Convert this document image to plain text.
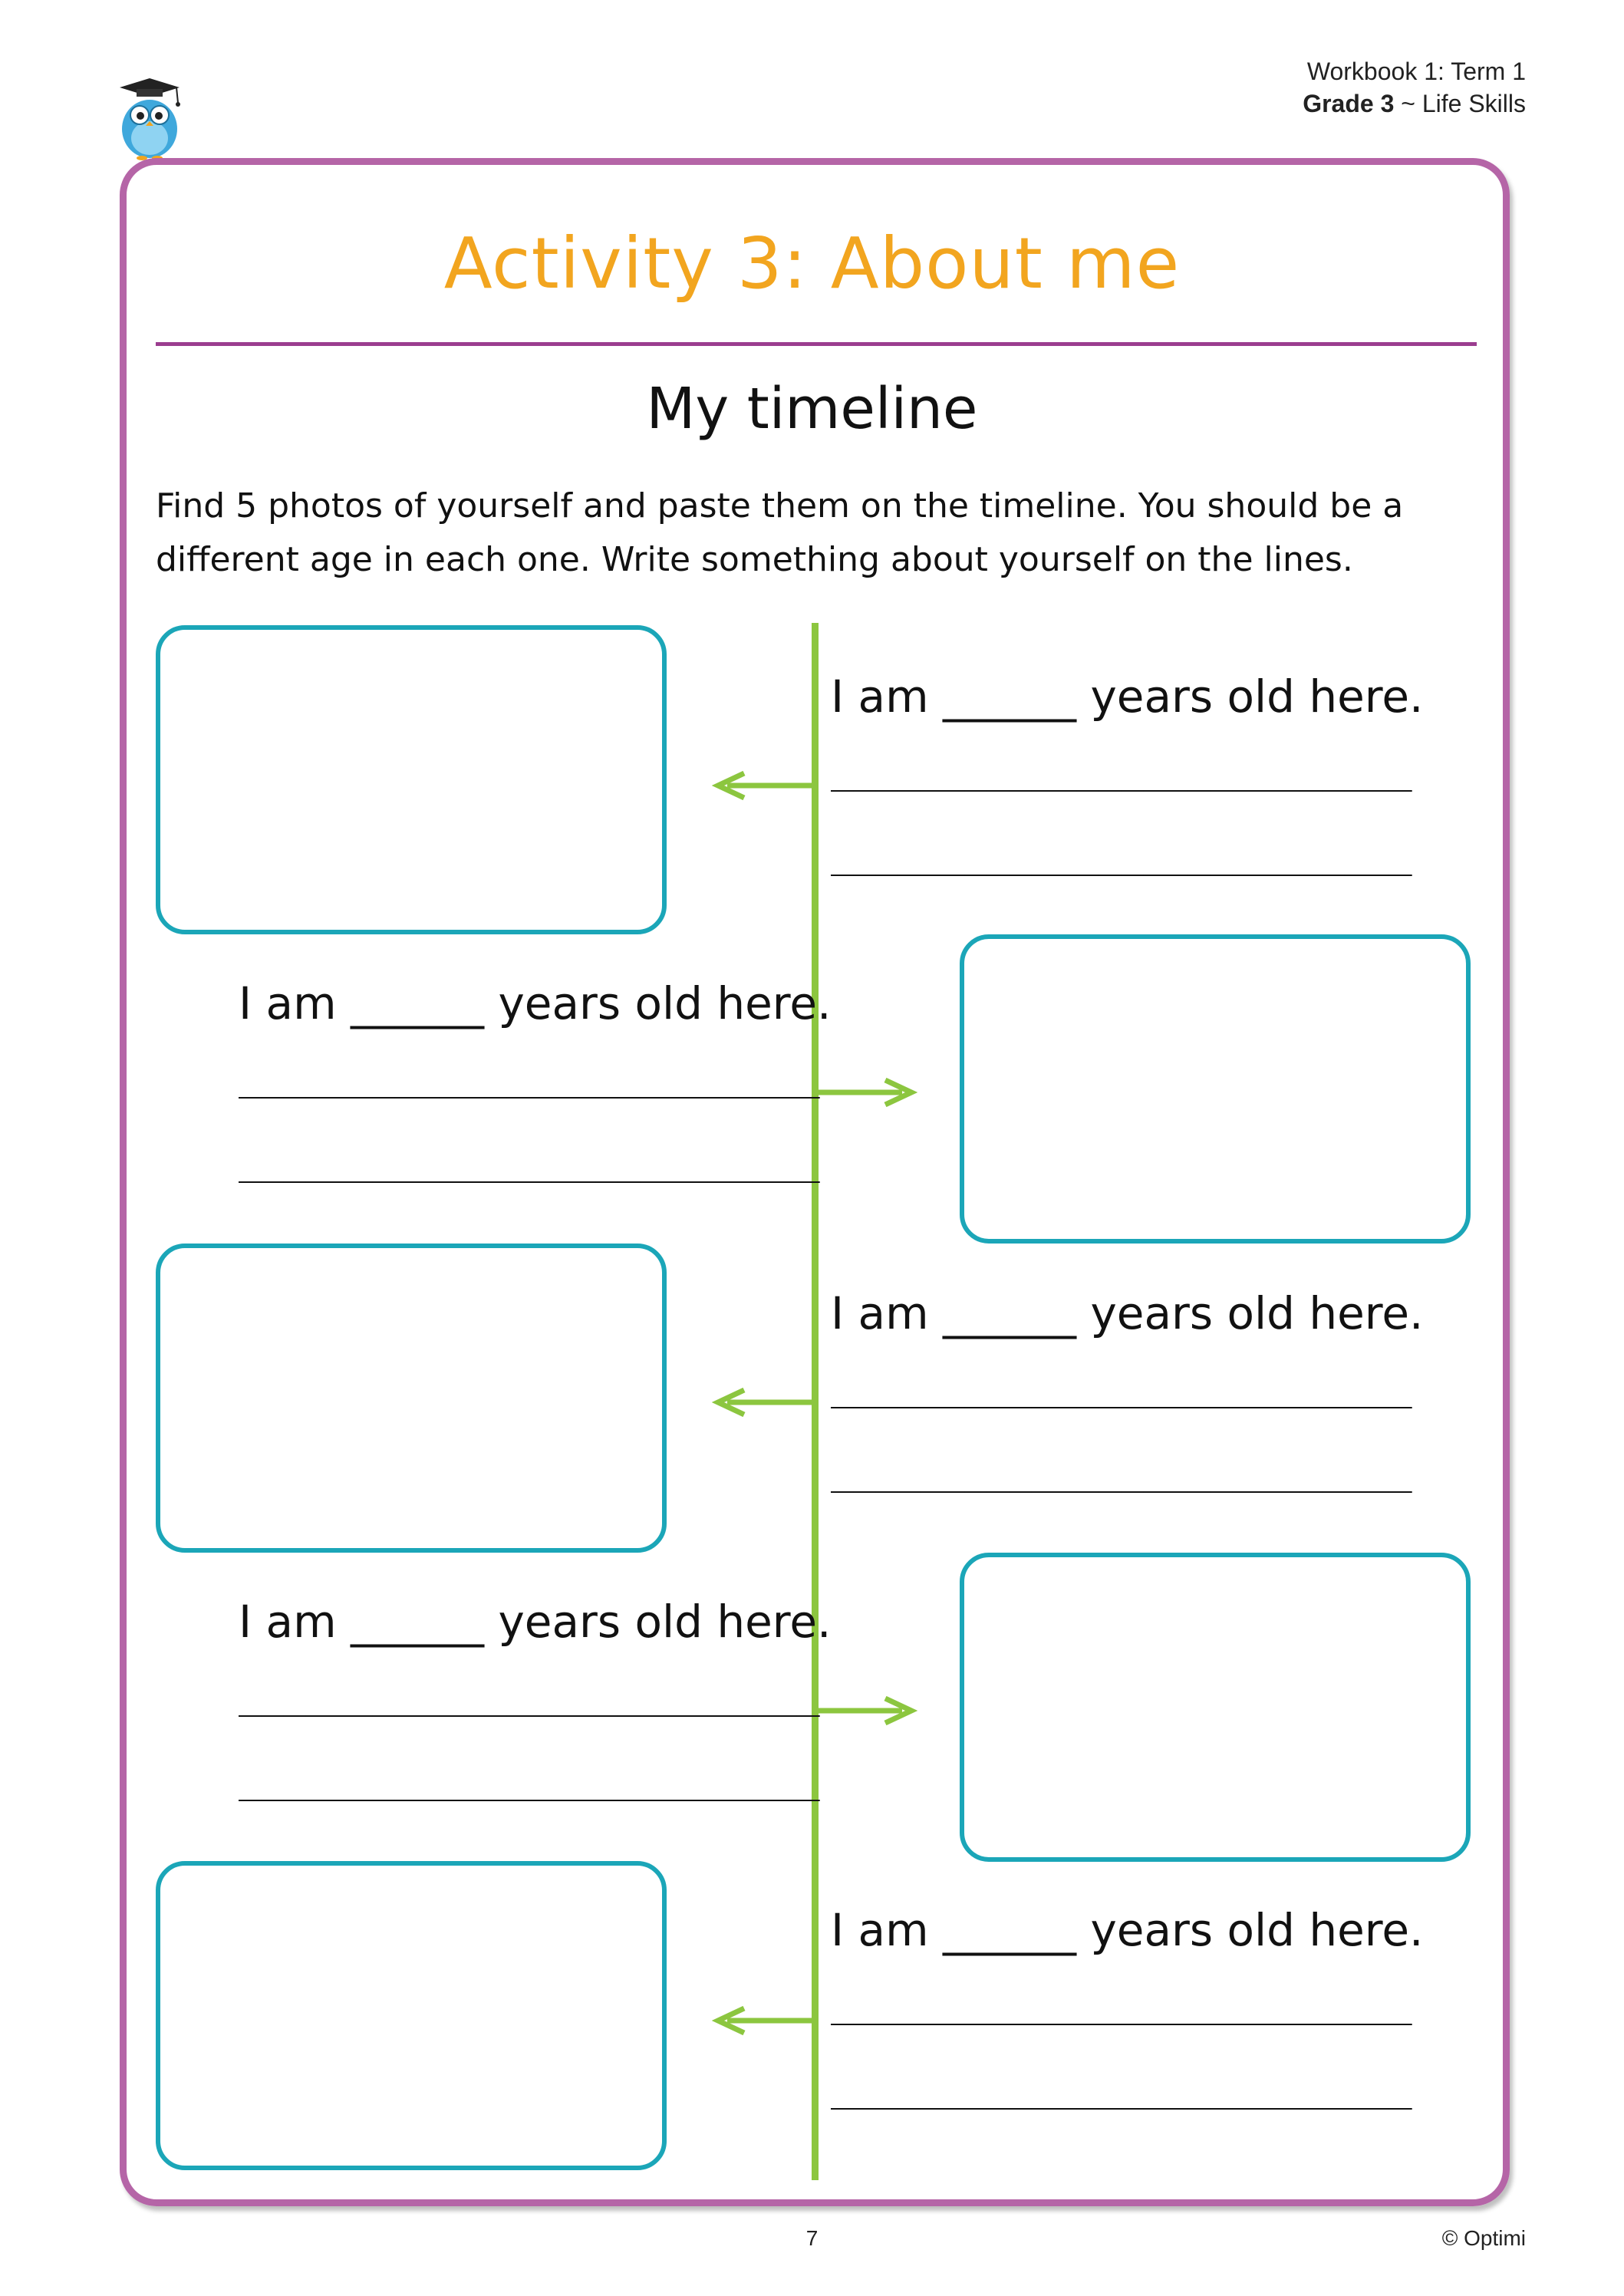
Workbook 1: Term 1
Grade 3 ~ Life Skills
Activity 3: About me
My timeline
Find 5 photos of yourself and paste them on the timeline. You should be a
different age in each one. Write something about yourself on the lines.
I am ______ years old here.
__________________________
__________________________
I am ______ years old here.
__________________________
__________________________
I am ______ years old here.
__________________________
__________________________
I am ______ years old here.
__________________________
__________________________
I am ______ years old here.
__________________________
__________________________
7	© Optimi
